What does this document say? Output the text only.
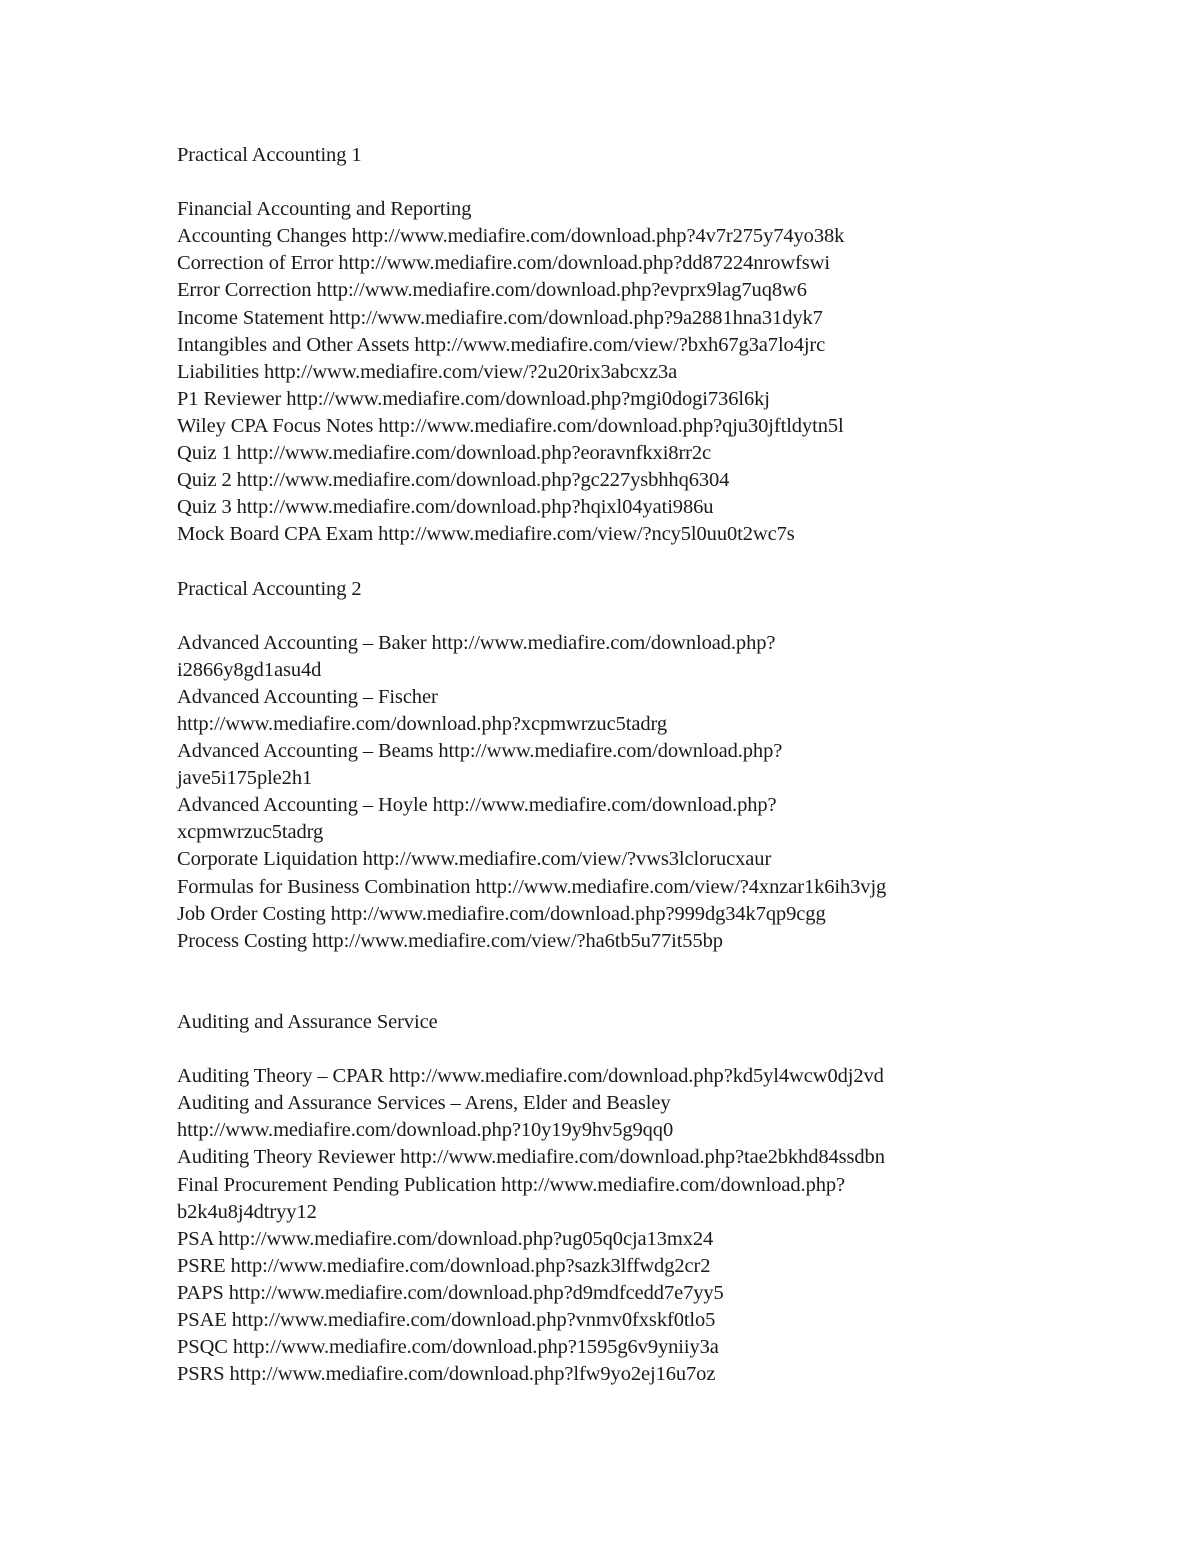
Practical Accounting 1
Financial Accounting and Reporting
Accounting Changes http://www.mediafire.com/download.php?4v7r275y74yo38k
Correction of Error http://www.mediafire.com/download.php?dd87224nrowfswi
Error Correction http://www.mediafire.com/download.php?evprx9lag7uq8w6
Income Statement http://www.mediafire.com/download.php?9a2881hna31dyk7
Intangibles and Other Assets http://www.mediafire.com/view/?bxh67g3a7lo4jrc
Liabilities http://www.mediafire.com/view/?2u20rix3abcxz3a
P1 Reviewer http://www.mediafire.com/download.php?mgi0dogi736l6kj
Wiley CPA Focus Notes http://www.mediafire.com/download.php?qju30jftldytn5l
Quiz 1 http://www.mediafire.com/download.php?eoravnfkxi8rr2c
Quiz 2 http://www.mediafire.com/download.php?gc227ysbhhq6304
Quiz 3 http://www.mediafire.com/download.php?hqixl04yati986u
Mock Board CPA Exam http://www.mediafire.com/view/?ncy5l0uu0t2wc7s
Practical Accounting 2
Advanced Accounting – Baker http://www.mediafire.com/download.php?
i2866y8gd1asu4d
Advanced Accounting – Fischer
http://www.mediafire.com/download.php?xcpmwrzuc5tadrg
Advanced Accounting – Beams http://www.mediafire.com/download.php?
jave5i175ple2h1
Advanced Accounting – Hoyle http://www.mediafire.com/download.php?
xcpmwrzuc5tadrg
Corporate Liquidation http://www.mediafire.com/view/?vws3lclorucxaur
Formulas for Business Combination http://www.mediafire.com/view/?4xnzar1k6ih3vjg
Job Order Costing http://www.mediafire.com/download.php?999dg34k7qp9cgg
Process Costing http://www.mediafire.com/view/?ha6tb5u77it55bp
Auditing and Assurance Service
Auditing Theory – CPAR http://www.mediafire.com/download.php?kd5yl4wcw0dj2vd
Auditing and Assurance Services – Arens, Elder and Beasley
http://www.mediafire.com/download.php?10y19y9hv5g9qq0
Auditing Theory Reviewer http://www.mediafire.com/download.php?tae2bkhd84ssdbn
Final Procurement Pending Publication http://www.mediafire.com/download.php?
b2k4u8j4dtryy12
PSA http://www.mediafire.com/download.php?ug05q0cja13mx24
PSRE http://www.mediafire.com/download.php?sazk3lffwdg2cr2
PAPS http://www.mediafire.com/download.php?d9mdfcedd7e7yy5
PSAE http://www.mediafire.com/download.php?vnmv0fxskf0tlo5
PSQC http://www.mediafire.com/download.php?1595g6v9yniiy3a
PSRS http://www.mediafire.com/download.php?lfw9yo2ej16u7oz
